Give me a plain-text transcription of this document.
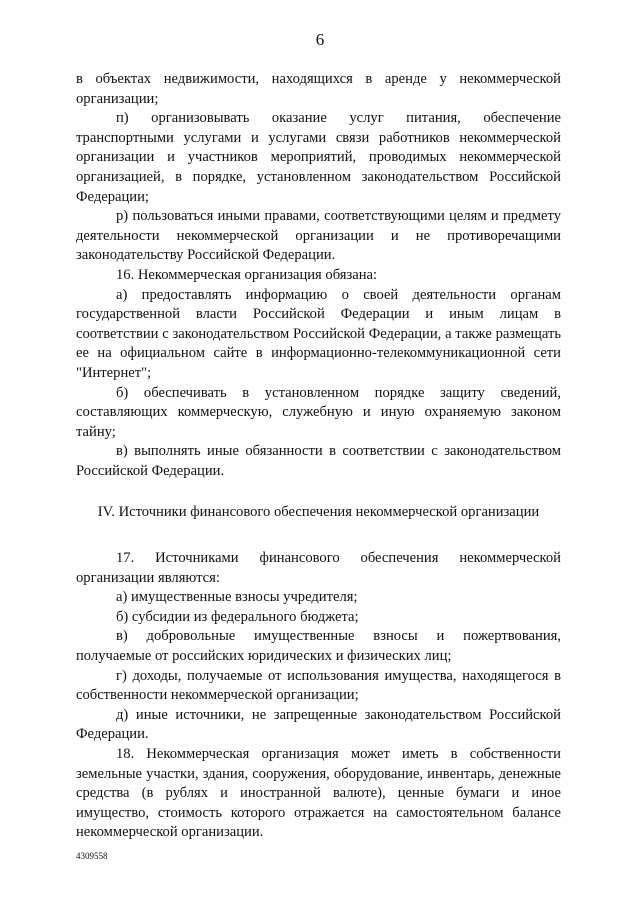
6

в объектах недвижимости, находящихся в аренде у некоммерческой организации;

п) организовывать оказание услуг питания, обеспечение транспортными услугами и услугами связи работников некоммерческой организации и участников мероприятий, проводимых некоммерческой организацией, в порядке, установленном законодательством Российской Федерации;

р) пользоваться иными правами, соответствующими целям и предмету деятельности некоммерческой организации и не противоречащими законодательству Российской Федерации.

16. Некоммерческая организация обязана:

а) предоставлять информацию о своей деятельности органам государственной власти Российской Федерации и иным лицам в соответствии с законодательством Российской Федерации, а также размещать ее на официальном сайте в информационно-телекоммуникационной сети "Интернет";

б) обеспечивать в установленном порядке защиту сведений, составляющих коммерческую, служебную и иную охраняемую законом тайну;

в) выполнять иные обязанности в соответствии с законодательством Российской Федерации.

IV. Источники финансового обеспечения некоммерческой организации

17. Источниками финансового обеспечения некоммерческой организации являются:

а) имущественные взносы учредителя;

б) субсидии из федерального бюджета;

в) добровольные имущественные взносы и пожертвования, получаемые от российских юридических и физических лиц;

г) доходы, получаемые от использования имущества, находящегося в собственности некоммерческой организации;

д) иные источники, не запрещенные законодательством Российской Федерации.

18. Некоммерческая организация может иметь в собственности земельные участки, здания, сооружения, оборудование, инвентарь, денежные средства (в рублях и иностранной валюте), ценные бумаги и иное имущество, стоимость которого отражается на самостоятельном балансе некоммерческой организации.

4309558
